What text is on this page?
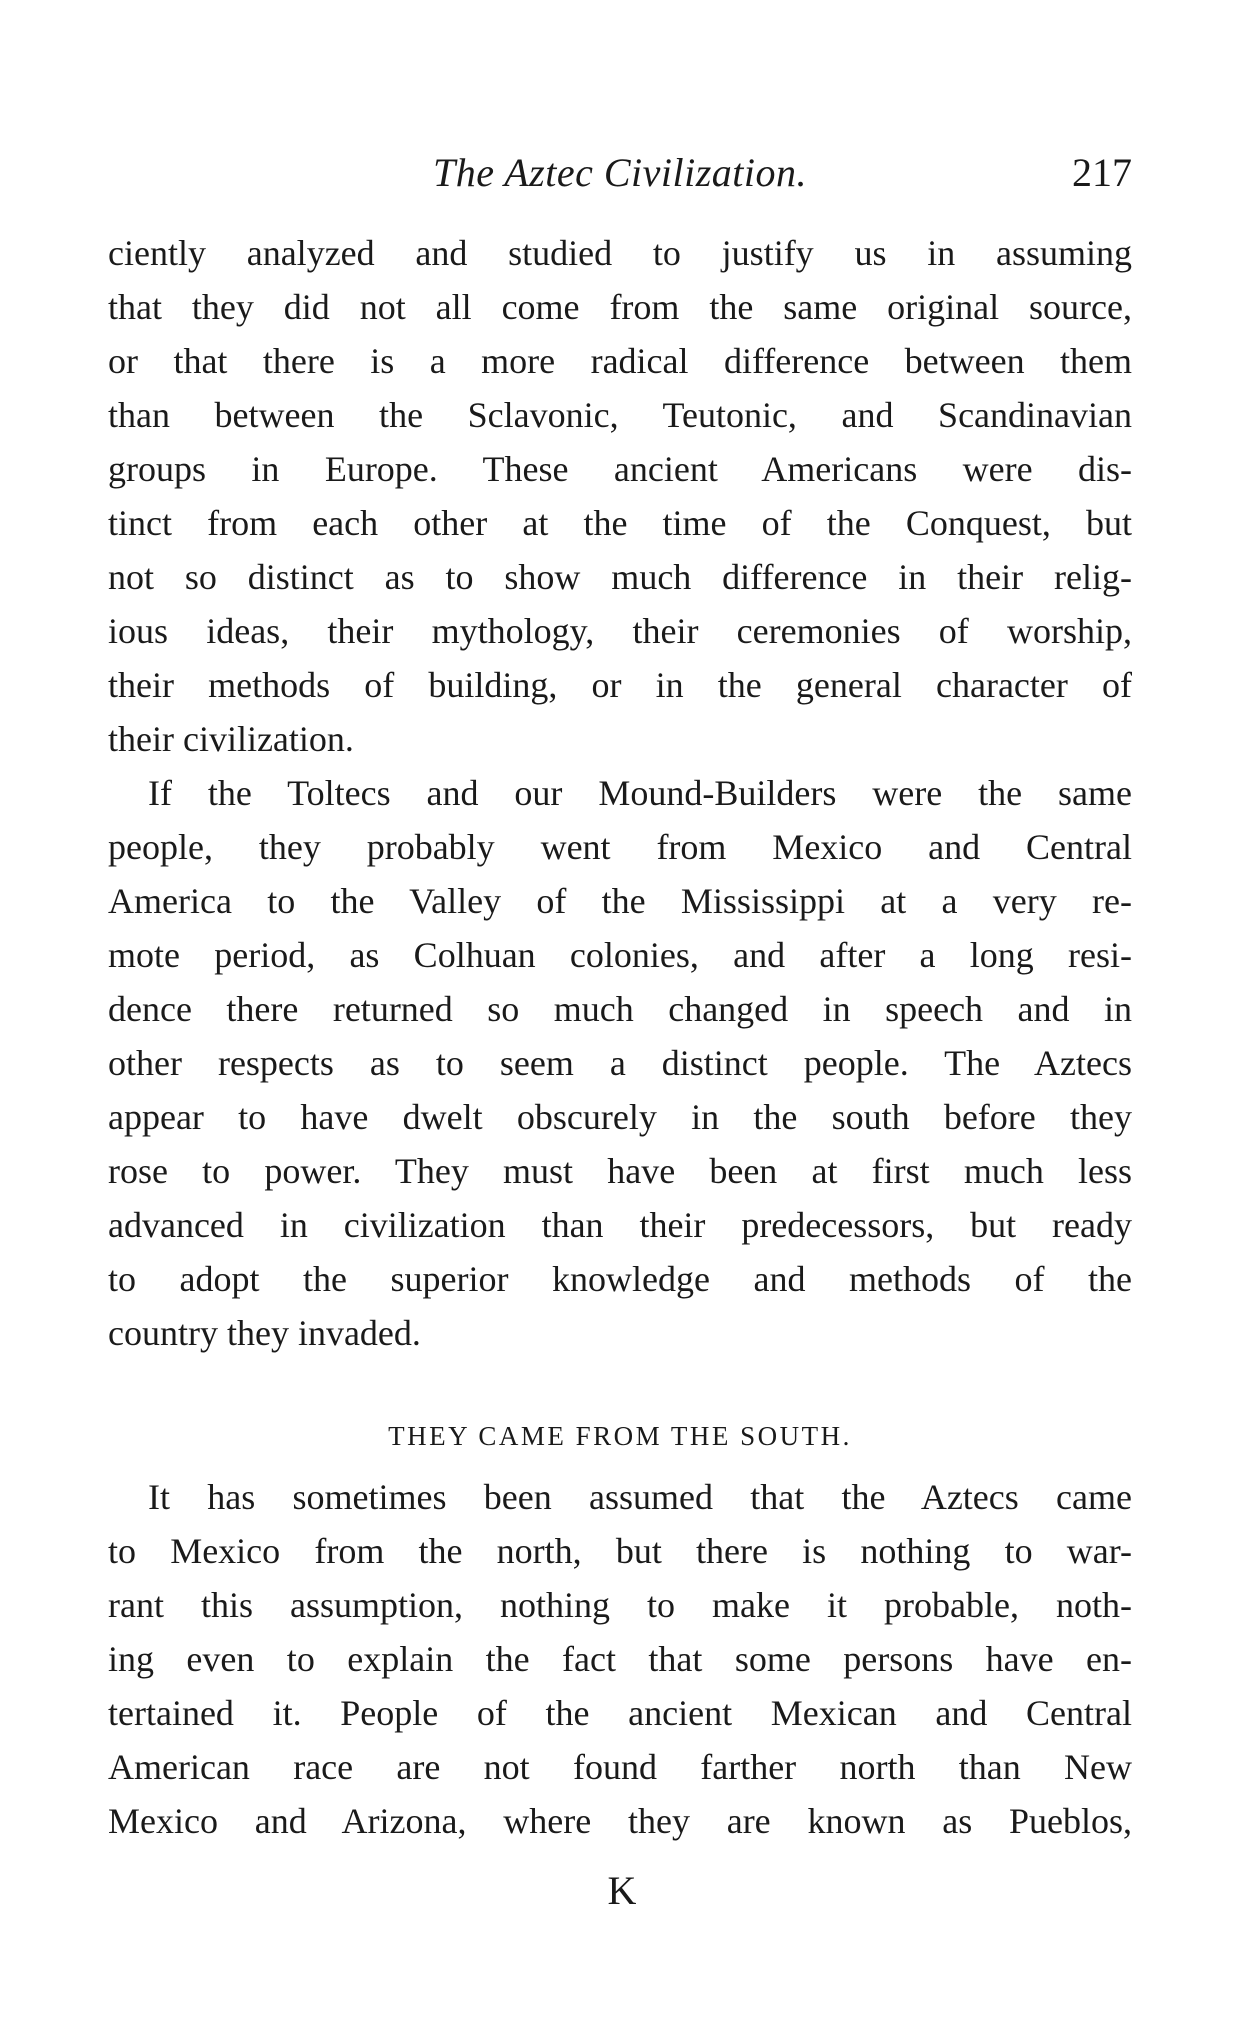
The Aztec Civilization.	217
ciently analyzed and studied to justify us in assuming
that they did not all come from the same original source,
or that there is a more radical difference between them
than between the Sclavonic, Teutonic, and Scandinavian
groups in Europe. These ancient Americans were dis-
tinct from each other at the time of the Conquest, but
not so distinct as to show much difference in their relig-
ious ideas, their mythology, their ceremonies of worship,
their methods of building, or in the general character of
their civilization.
If the Toltecs and our Mound-Builders were the same
people, they probably went from Mexico and Central
America to the Valley of the Mississippi at a very re-
mote period, as Colhuan colonies, and after a long resi-
dence there returned so much changed in speech and in
other respects as to seem a distinct people. The Aztecs
appear to have dwelt obscurely in the south before they
rose to power. They must have been at first much less
advanced in civilization than their predecessors, but ready
to adopt the superior knowledge and methods of the
country they invaded.
THEY CAME FROM THE SOUTH.
It has sometimes been assumed that the Aztecs came
to Mexico from the north, but there is nothing to war-
rant this assumption, nothing to make it probable, noth-
ing even to explain the fact that some persons have en-
tertained it. People of the ancient Mexican and Central
American race are not found farther north than New
Mexico and Arizona, where they are known as Pueblos,
K
